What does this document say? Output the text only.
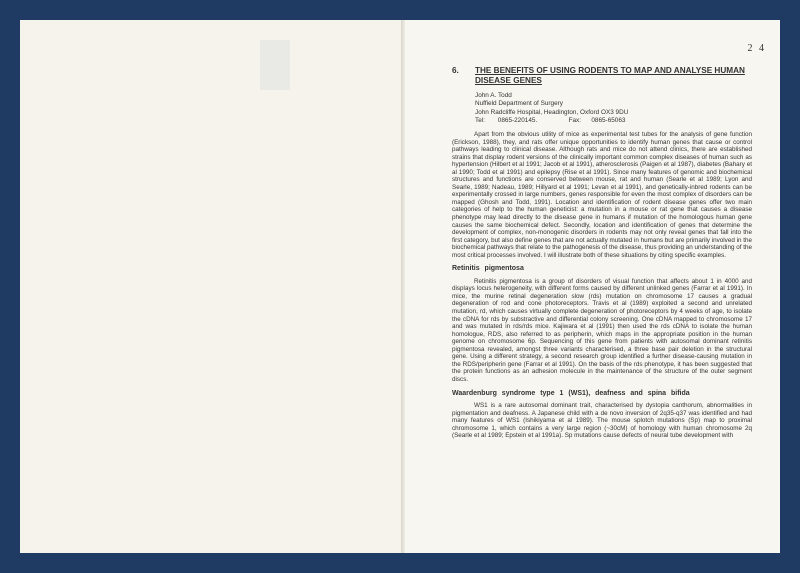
2 4
6. THE BENEFITS OF USING RODENTS TO MAP AND ANALYSE HUMAN DISEASE GENES
John A. Todd
Nuffield Department of Surgery
John Radcliffe Hospital, Headington, Oxford OX3 9DU
Tel: 0865-220145.	Fax: 0865-65063

Apart from the obvious utility of mice as experimental test tubes for the analysis of gene function (Erickson, 1988), they, and rats offer unique opportunities to identify human genes that cause or control pathways leading to clinical disease. Although rats and mice do not attend clinics, there are established strains that display rodent versions of the clinically important common complex diseases of human such as hypertension (Hilbert et al 1991; Jacob et al 1991), atherosclerosis (Paigen et al 1987), diabetes (Bahary et al 1990; Todd et al 1991) and epilepsy (Rise et al 1991). Since many features of genomic and biochemical structures and functions are conserved between mouse, rat and human (Searle et al 1989; Lyon and Searle, 1989; Nadeau, 1989; Hillyard et al 1991; Levan et al 1991), and genetically-inbred rodents can be experimentally crossed in large numbers, genes responsible for even the most complex of disorders can be mapped (Ghosh and Todd, 1991). Location and identification of rodent disease genes offer two main categories of help to the human geneticist: a mutation in a mouse or rat gene that causes a disease phenotype may lead directly to the disease gene in humans if mutation of the homologous human gene causes the same biochemical defect. Secondly, location and identification of genes that determine the development of complex, non-monogenic disorders in rodents may not only reveal genes that fall into the first category, but also define genes that are not actually mutated in humans but are primarily involved in the biochemical pathways that relate to the pathogenesis of the disease, thus providing an understanding of the most critical processes involved. I will illustrate both of these situations by citing specific examples.

Retinitis pigmentosa

Retinitis pigmentosa is a group of disorders of visual function that affects about 1 in 4000 and displays locus heterogeneity, with different forms caused by different unlinked genes (Farrar et al 1991). In mice, the murine retinal degeneration slow (rds) mutation on chromosome 17 causes a gradual degeneration of rod and cone photoreceptors. Travis et al (1989) exploited a second and unrelated mutation, rd, which causes virtually complete degeneration of photoreceptors by 4 weeks of age, to isolate the cDNA for rds by substractive and differential colony screening. One cDNA mapped to chromosome 17 and was mutated in rds/rds mice. Kajiwara et al (1991) then used the rds cDNA to isolate the human homologue, RDS, also referred to as peripherin, which maps in the appropriate position in the human genome on chromosome 6p. Sequencing of this gene from patients with autosomal dominant retinitis pigmentosa revealed, amongst three variants characterised, a three base pair deletion in the structural gene. Using a different strategy, a second research group identified a further disease-causing mutation in the RDS/peripherin gene (Farrar et al 1991). On the basis of the rds phenotype, it has been suggested that the protein functions as an adhesion molecule in the maintenance of the structure of the outer segment discs.

Waardenburg syndrome type 1 (WS1), deafness and spina bifida

WS1 is a rare autosomal dominant trait, characterised by dystopia canthorum, abnormalities in pigmentation and deafness. A Japanese child with a de novo inversion of 2q35-q37 was identified and had many features of WS1 (Ishikiyama et al 1989). The mouse splotch mutations (Sp) map to proximal chromosome 1, which contains a very large region (~30cM) of homology with human chromosome 2q (Searle et al 1989; Epstein et al 1991a). Sp mutations cause defects of neural tube development with
